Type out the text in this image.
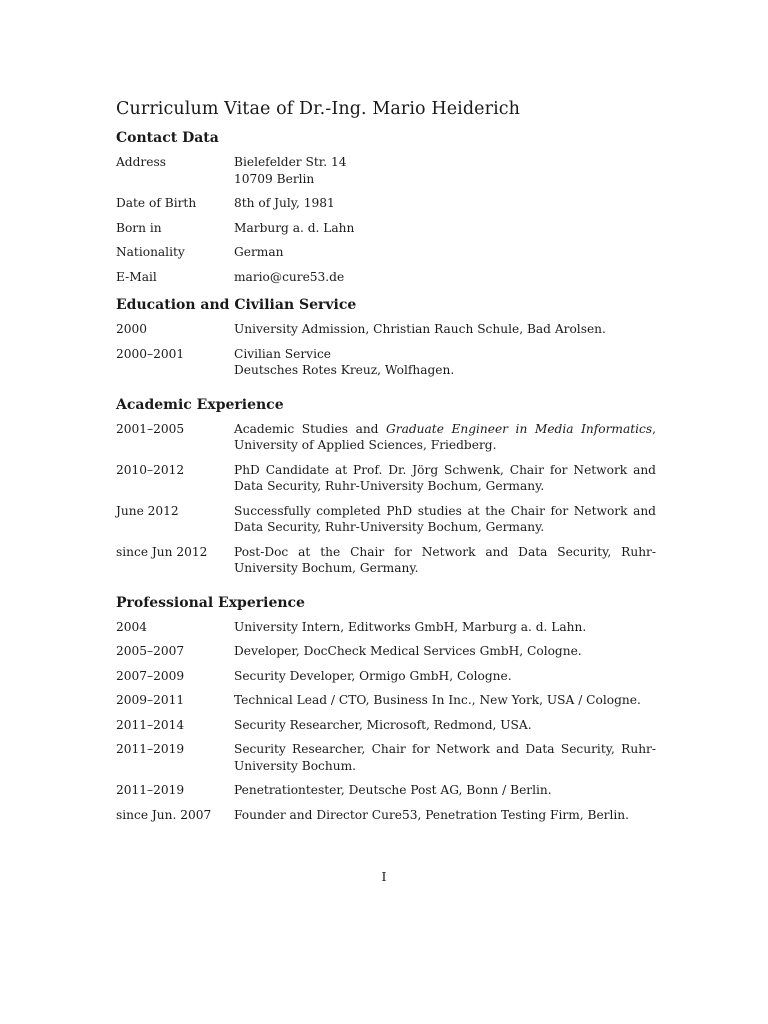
Curriculum Vitae of Dr.-Ing. Mario Heiderich
Contact Data
Address	Bielefelder Str. 14
10709 Berlin
Date of Birth	8th of July, 1981
Born in	Marburg a. d. Lahn
Nationality	German
E-Mail	mario@cure53.de
Education and Civilian Service
2000	University Admission, Christian Rauch Schule, Bad Arolsen.
2000–2001	Civilian Service
Deutsches Rotes Kreuz, Wolfhagen.
Academic Experience
2001–2005	Academic Studies and Graduate Engineer in Media Informatics, University of Applied Sciences, Friedberg.
2010–2012	PhD Candidate at Prof. Dr. Jörg Schwenk, Chair for Network and Data Security, Ruhr-University Bochum, Germany.
June 2012	Successfully completed PhD studies at the Chair for Network and Data Security, Ruhr-University Bochum, Germany.
since Jun 2012	Post-Doc at the Chair for Network and Data Security, Ruhr-University Bochum, Germany.
Professional Experience
2004	University Intern, Editworks GmbH, Marburg a. d. Lahn.
2005–2007	Developer, DocCheck Medical Services GmbH, Cologne.
2007–2009	Security Developer, Ormigo GmbH, Cologne.
2009–2011	Technical Lead / CTO, Business In Inc., New York, USA / Cologne.
2011–2014	Security Researcher, Microsoft, Redmond, USA.
2011–2019	Security Researcher, Chair for Network and Data Security, Ruhr-University Bochum.
2011–2019	Penetrationtester, Deutsche Post AG, Bonn / Berlin.
since Jun. 2007	Founder and Director Cure53, Penetration Testing Firm, Berlin.
I
